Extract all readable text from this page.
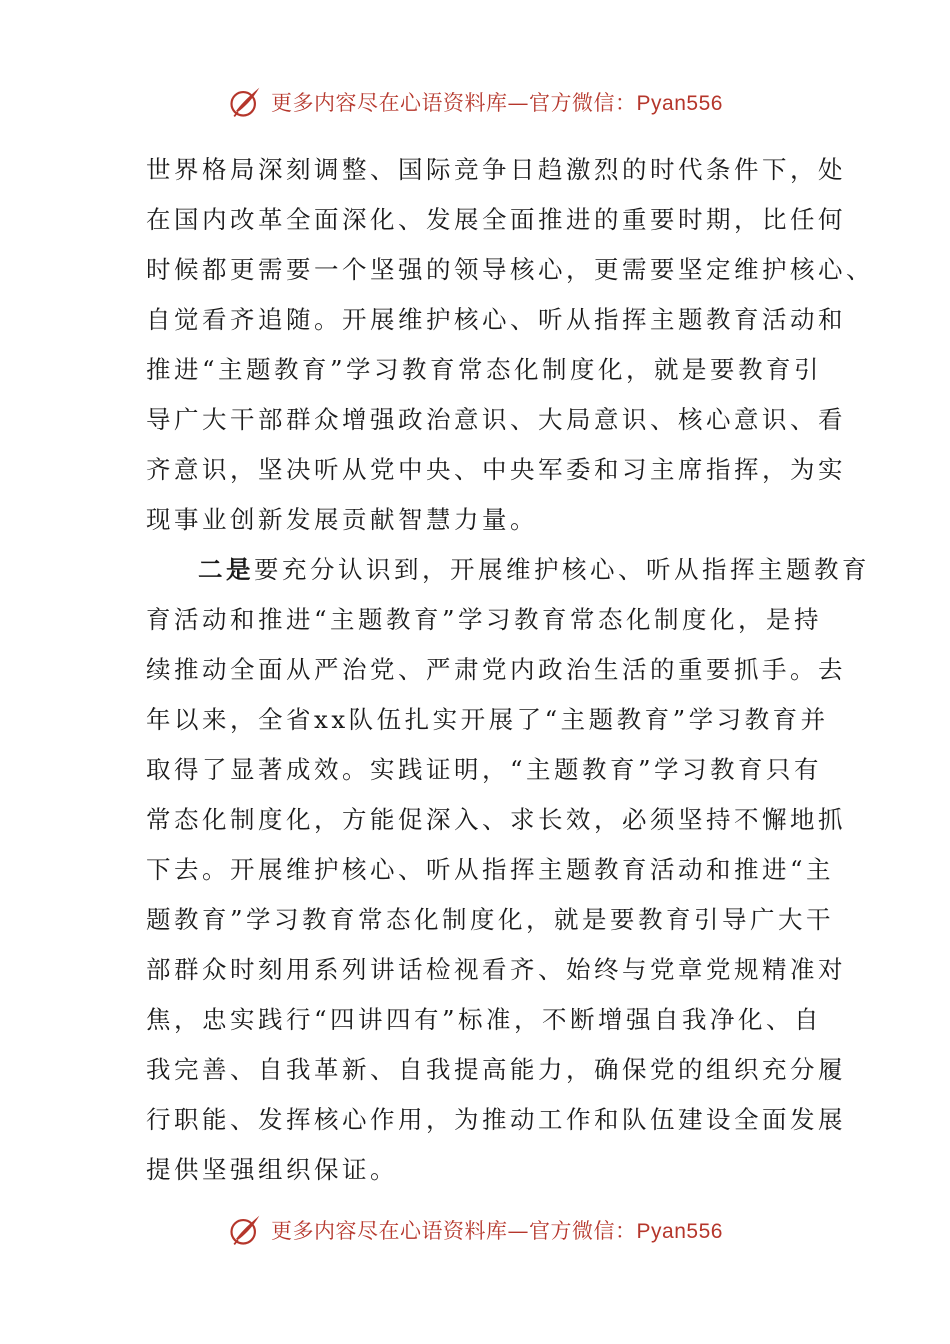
更多内容尽在心语资料库—官方微信：Pyan556
世界格局深刻调整、国际竞争日趋激烈的时代条件下，处
在国内改革全面深化、发展全面推进的重要时期，比任何
时候都更需要一个坚强的领导核心，更需要坚定维护核心、
自觉看齐追随。开展维护核心、听从指挥主题教育活动和
推进“主题教育”学习教育常态化制度化，就是要教育引
导广大干部群众增强政治意识、大局意识、核心意识、看
齐意识，坚决听从党中央、中央军委和习主席指挥，为实
现事业创新发展贡献智慧力量。
二是要充分认识到，开展维护核心、听从指挥主题教育
育活动和推进“主题教育”学习教育常态化制度化，是持
续推动全面从严治党、严肃党内政治生活的重要抓手。去
年以来，全省xx队伍扎实开展了“主题教育”学习教育并
取得了显著成效。实践证明，“主题教育”学习教育只有
常态化制度化，方能促深入、求长效，必须坚持不懈地抓
下去。开展维护核心、听从指挥主题教育活动和推进“主
题教育”学习教育常态化制度化，就是要教育引导广大干
部群众时刻用系列讲话检视看齐、始终与党章党规精准对
焦，忠实践行“四讲四有”标准，不断增强自我净化、自
我完善、自我革新、自我提高能力，确保党的组织充分履
行职能、发挥核心作用，为推动工作和队伍建设全面发展
提供坚强组织保证。
更多内容尽在心语资料库—官方微信：Pyan556
